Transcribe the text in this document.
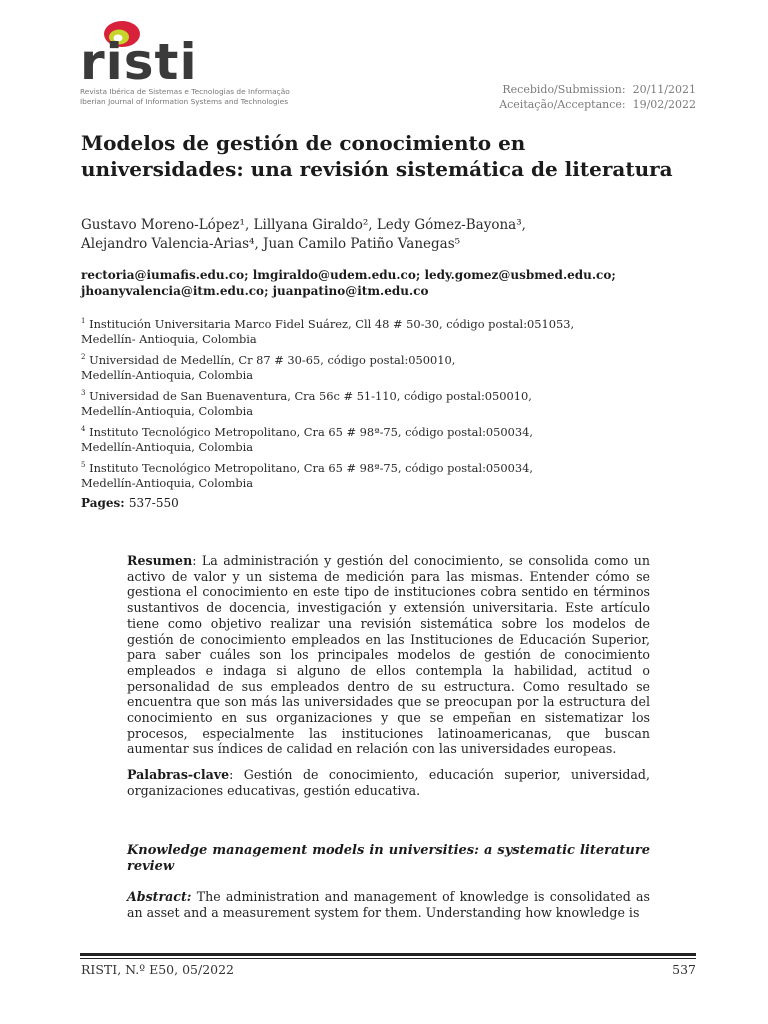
risti
Revista Ibérica de Sistemas e Tecnologias de Informação
Iberian Journal of Information Systems and Technologies
Recebido/Submission:  20/11/2021
Aceitação/Acceptance:  19/02/2022
Modelos de gestión de conocimiento en
universidades: una revisión sistemática de literatura
Gustavo Moreno-López¹, Lillyana Giraldo², Ledy Gómez-Bayona³,
Alejandro Valencia-Arias⁴, Juan Camilo Patiño Vanegas⁵
rectoria@iumafis.edu.co; lmgiraldo@udem.edu.co; ledy.gomez@usbmed.edu.co;
jhoanyvalencia@itm.edu.co; juanpatino@itm.edu.co
$^1$ Institución Universitaria Marco Fidel Suárez, Cll 48 # 50-30, código postal:051053,
Medellín- Antioquia, Colombia
$^2$ Universidad de Medellín, Cr 87 # 30-65, código postal:050010,
Medellín-Antioquia, Colombia
$^3$ Universidad de San Buenaventura, Cra 56c # 51-110, código postal:050010,
Medellín-Antioquia, Colombia
$^4$ Instituto Tecnológico Metropolitano, Cra 65 # 98ª-75, código postal:050034,
Medellín-Antioquia, Colombia
$^5$ Instituto Tecnológico Metropolitano, Cra 65 # 98ª-75, código postal:050034,
Medellín-Antioquia, Colombia
Pages: 537-550
Resumen: La administración y gestión del conocimiento, se consolida como un activo de valor y un sistema de medición para las mismas. Entender cómo se gestiona el conocimiento en este tipo de instituciones cobra sentido en términos sustantivos de docencia, investigación y extensión universitaria. Este artículo tiene como objetivo realizar una revisión sistemática sobre los modelos de gestión de conocimiento empleados en las Instituciones de Educación Superior, para saber cuáles son los principales modelos de gestión de conocimiento empleados e indaga si alguno de ellos contempla la habilidad, actitud o personalidad de sus empleados dentro de su estructura. Como resultado se encuentra que son más las universidades que se preocupan por la estructura del conocimiento en sus organizaciones y que se empeñan en sistematizar los procesos, especialmente las instituciones latinoamericanas, que buscan aumentar sus índices de calidad en relación con las universidades europeas.
Palabras-clave: Gestión de conocimiento, educación superior, universidad, organizaciones educativas, gestión educativa.
Knowledge management models in universities: a systematic literature review
Abstract: The administration and management of knowledge is consolidated as an asset and a measurement system for them. Understanding how knowledge is
RISTI, N.º E50, 05/2022	537
